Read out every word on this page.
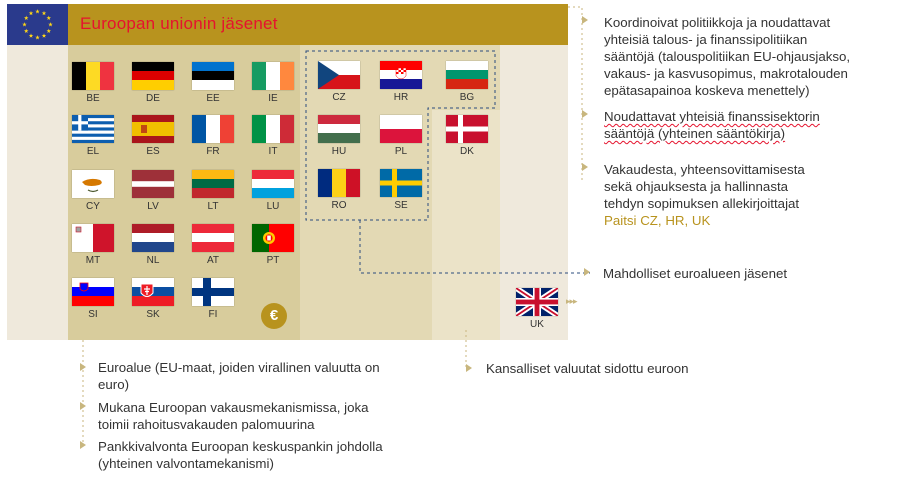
Euroopan unionin jäsenet
BE	DE	EE	IE
EL	ES	FR	IT
CY	LV	LT	LU
MT	NL	AT	PT
SI	SK	FI
CZ	HR	BG
HU	PL	DK
RO	SE
UK
€
▸▸▸
Koordinoivat politiikkoja ja noudattavat
yhteisiä talous- ja finanssipolitiikan
sääntöjä (talouspolitiikan EU-ohjausjakso,
vakaus- ja kasvusopimus, makrotalouden
epätasapainoa koskeva menettely)
Noudattavat yhteisiä finanssisektorin
sääntöjä (yhteinen sääntökirja)
Vakaudesta, yhteensovittamisesta
sekä ohjauksesta ja hallinnasta
tehdyn sopimuksen allekirjoittajat
Paitsi CZ, HR, UK
Mahdolliset euroalueen jäsenet
Euroalue (EU-maat, joiden virallinen valuutta on
euro)
Mukana Euroopan vakausmekanismissa, joka
toimii rahoitusvakauden palomuurina
Pankkivalvonta Euroopan keskuspankin johdolla
(yhteinen valvontamekanismi)
Kansalliset valuutat sidottu euroon
